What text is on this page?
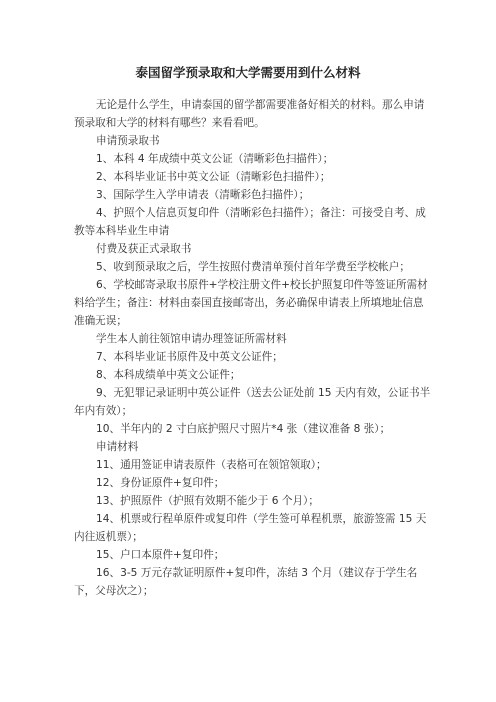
泰国留学预录取和大学需要用到什么材料

无论是什么学生，申请泰国的留学都需要准备好相关的材料。那么申请预录取和大学的材料有哪些？来看看吧。

申请预录取书

1、本科 4 年成绩中英文公证（清晰彩色扫描件）；

2、本科毕业证书中英文公证（清晰彩色扫描件）；

3、国际学生入学申请表（清晰彩色扫描件）；

4、护照个人信息页复印件（清晰彩色扫描件）；备注：可接受自考、成教等本科毕业生申请

付费及获正式录取书

5、收到预录取之后，学生按照付费清单预付首年学费至学校帐户；

6、学校邮寄录取书原件+学校注册文件+校长护照复印件等签证所需材料给学生；备注：材料由泰国直接邮寄出，务必确保申请表上所填地址信息准确无误；

学生本人前往领馆申请办理签证所需材料

7、本科毕业证书原件及中英文公证件；

8、本科成绩单中英文公证件；

9、无犯罪记录证明中英公证件（送去公证处前 15 天内有效，公证书半年内有效）；

10、半年内的 2 寸白底护照尺寸照片*4 张（建议准备 8 张）；

申请材料

11、通用签证申请表原件（表格可在领馆领取）；

12、身份证原件+复印件；

13、护照原件（护照有效期不能少于 6 个月）；

14、机票或行程单原件或复印件（学生签可单程机票，旅游签需 15 天内往返机票）；

15、户口本原件+复印件；

16、3-5 万元存款证明原件+复印件，冻结 3 个月（建议存于学生名下，父母次之）；
